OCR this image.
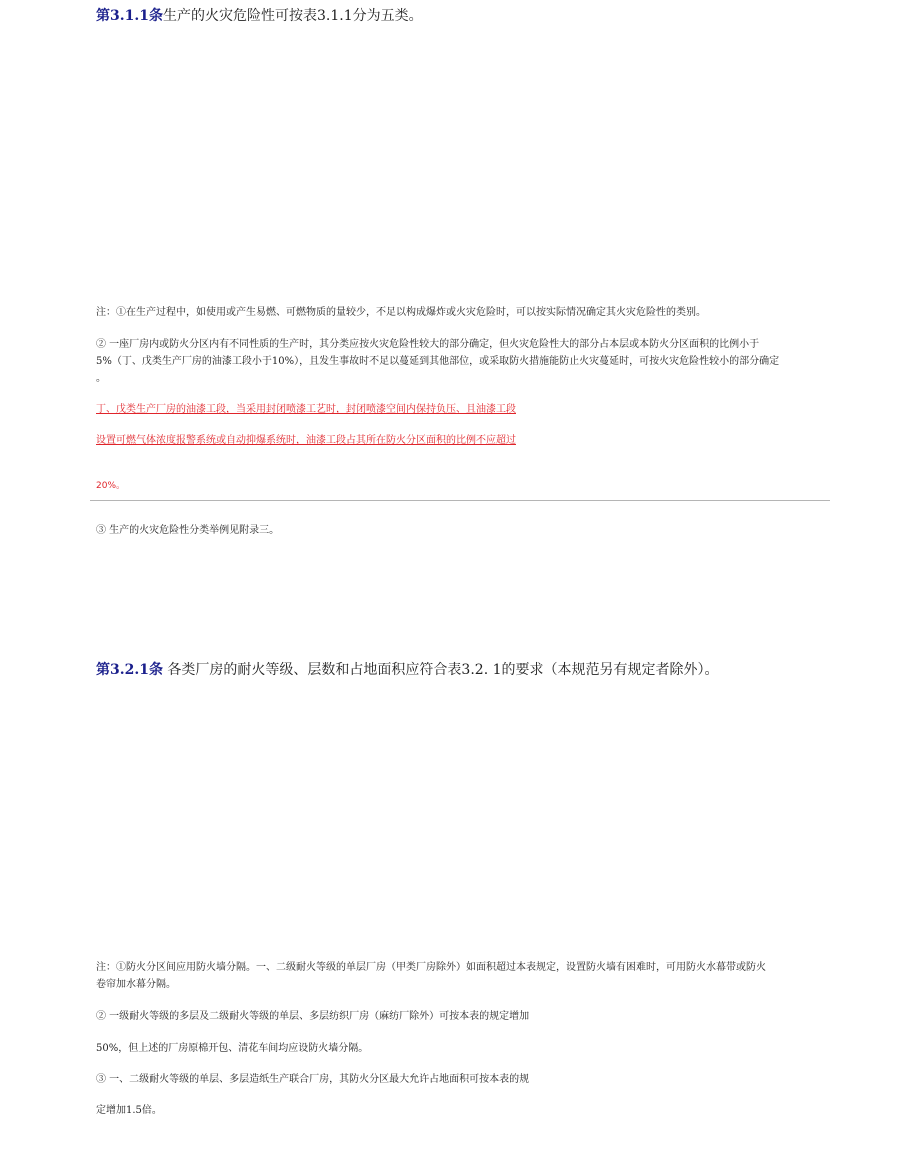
第3.1.1条生产的火灾危险性可按表3.1.1分为五类。
注：①在生产过程中，如使用或产生易燃、可燃物质的量较少，不足以构成爆炸或火灾危险时，可以按实际情况确定其火灾危险性的类别。
② 一座厂房内或防火分区内有不同性质的生产时，其分类应按火灾危险性较大的部分确定，但火灾危险性大的部分占本层或本防火分区面积的比例小于
5%（丁、戊类生产厂房的油漆工段小于10%），且发生事故时不足以蔓延到其他部位，或采取防火措施能防止火灾蔓延时，可按火灾危险性较小的部分确定
。
丁、戊类生产厂房的油漆工段，当采用封闭喷漆工艺时，封闭喷漆空间内保持负压、且油漆工段
设置可燃气体浓度报警系统或自动抑爆系统时，油漆工段占其所在防火分区面积的比例不应超过
20%。
③ 生产的火灾危险性分类举例见附录三。
第3.2.1条 各类厂房的耐火等级、层数和占地面积应符合表3.2. 1的要求（本规范另有规定者除外）。
注：①防火分区间应用防火墙分隔。一、二级耐火等级的单层厂房（甲类厂房除外）如面积超过本表规定，设置防火墙有困难时，可用防火水幕带或防火
卷帘加水幕分隔。
② 一级耐火等级的多层及二级耐火等级的单层、多层纺织厂房（麻纺厂除外）可按本表的规定增加
50%，但上述的厂房原棉开包、清花车间均应设防火墙分隔。
③ 一、二级耐火等级的单层、多层造纸生产联合厂房，其防火分区最大允许占地面积可按本表的规
定增加1.5倍。
